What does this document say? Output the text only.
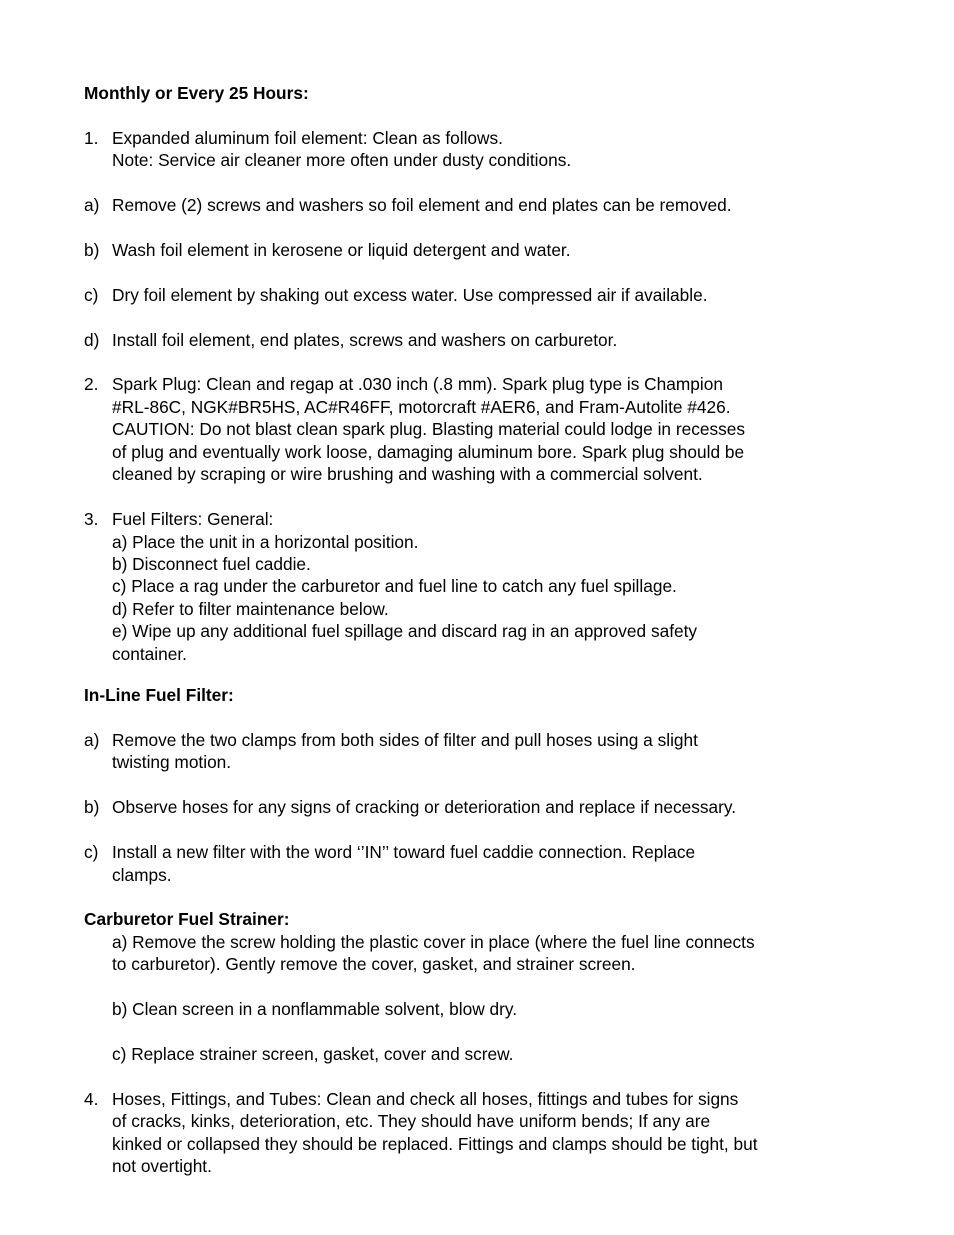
Monthly or Every 25 Hours:
1. Expanded aluminum foil element: Clean as follows.
Note: Service air cleaner more often under dusty conditions.
a) Remove (2) screws and washers so foil element and end plates can be removed.
b) Wash foil element in kerosene or liquid detergent and water.
c) Dry foil element by shaking out excess water. Use compressed air if available.
d) Install foil element, end plates, screws and washers on carburetor.
2. Spark Plug: Clean and regap at .030 inch (.8 mm). Spark plug type is Champion
#RL-86C, NGK#BR5HS, AC#R46FF, motorcraft #AER6, and Fram-Autolite #426.
CAUTION: Do not blast clean spark plug. Blasting material could lodge in recesses
of plug and eventually work loose, damaging aluminum bore. Spark plug should be
cleaned by scraping or wire brushing and washing with a commercial solvent.
3. Fuel Filters: General:
a) Place the unit in a horizontal position.
b) Disconnect fuel caddie.
c) Place a rag under the carburetor and fuel line to catch any fuel spillage.
d) Refer to filter maintenance below.
e) Wipe up any additional fuel spillage and discard rag in an approved safety
container.
In-Line Fuel Filter:
a) Remove the two clamps from both sides of filter and pull hoses using a slight
twisting motion.
b) Observe hoses for any signs of cracking or deterioration and replace if necessary.
c) Install a new filter with the word ‘’IN’’ toward fuel caddie connection. Replace
clamps.
Carburetor Fuel Strainer:
a) Remove the screw holding the plastic cover in place (where the fuel line connects
to carburetor). Gently remove the cover, gasket, and strainer screen.
b) Clean screen in a nonflammable solvent, blow dry.
c) Replace strainer screen, gasket, cover and screw.
4. Hoses, Fittings, and Tubes: Clean and check all hoses, fittings and tubes for signs
of cracks, kinks, deterioration, etc. They should have uniform bends; If any are
kinked or collapsed they should be replaced. Fittings and clamps should be tight, but
not overtight.
